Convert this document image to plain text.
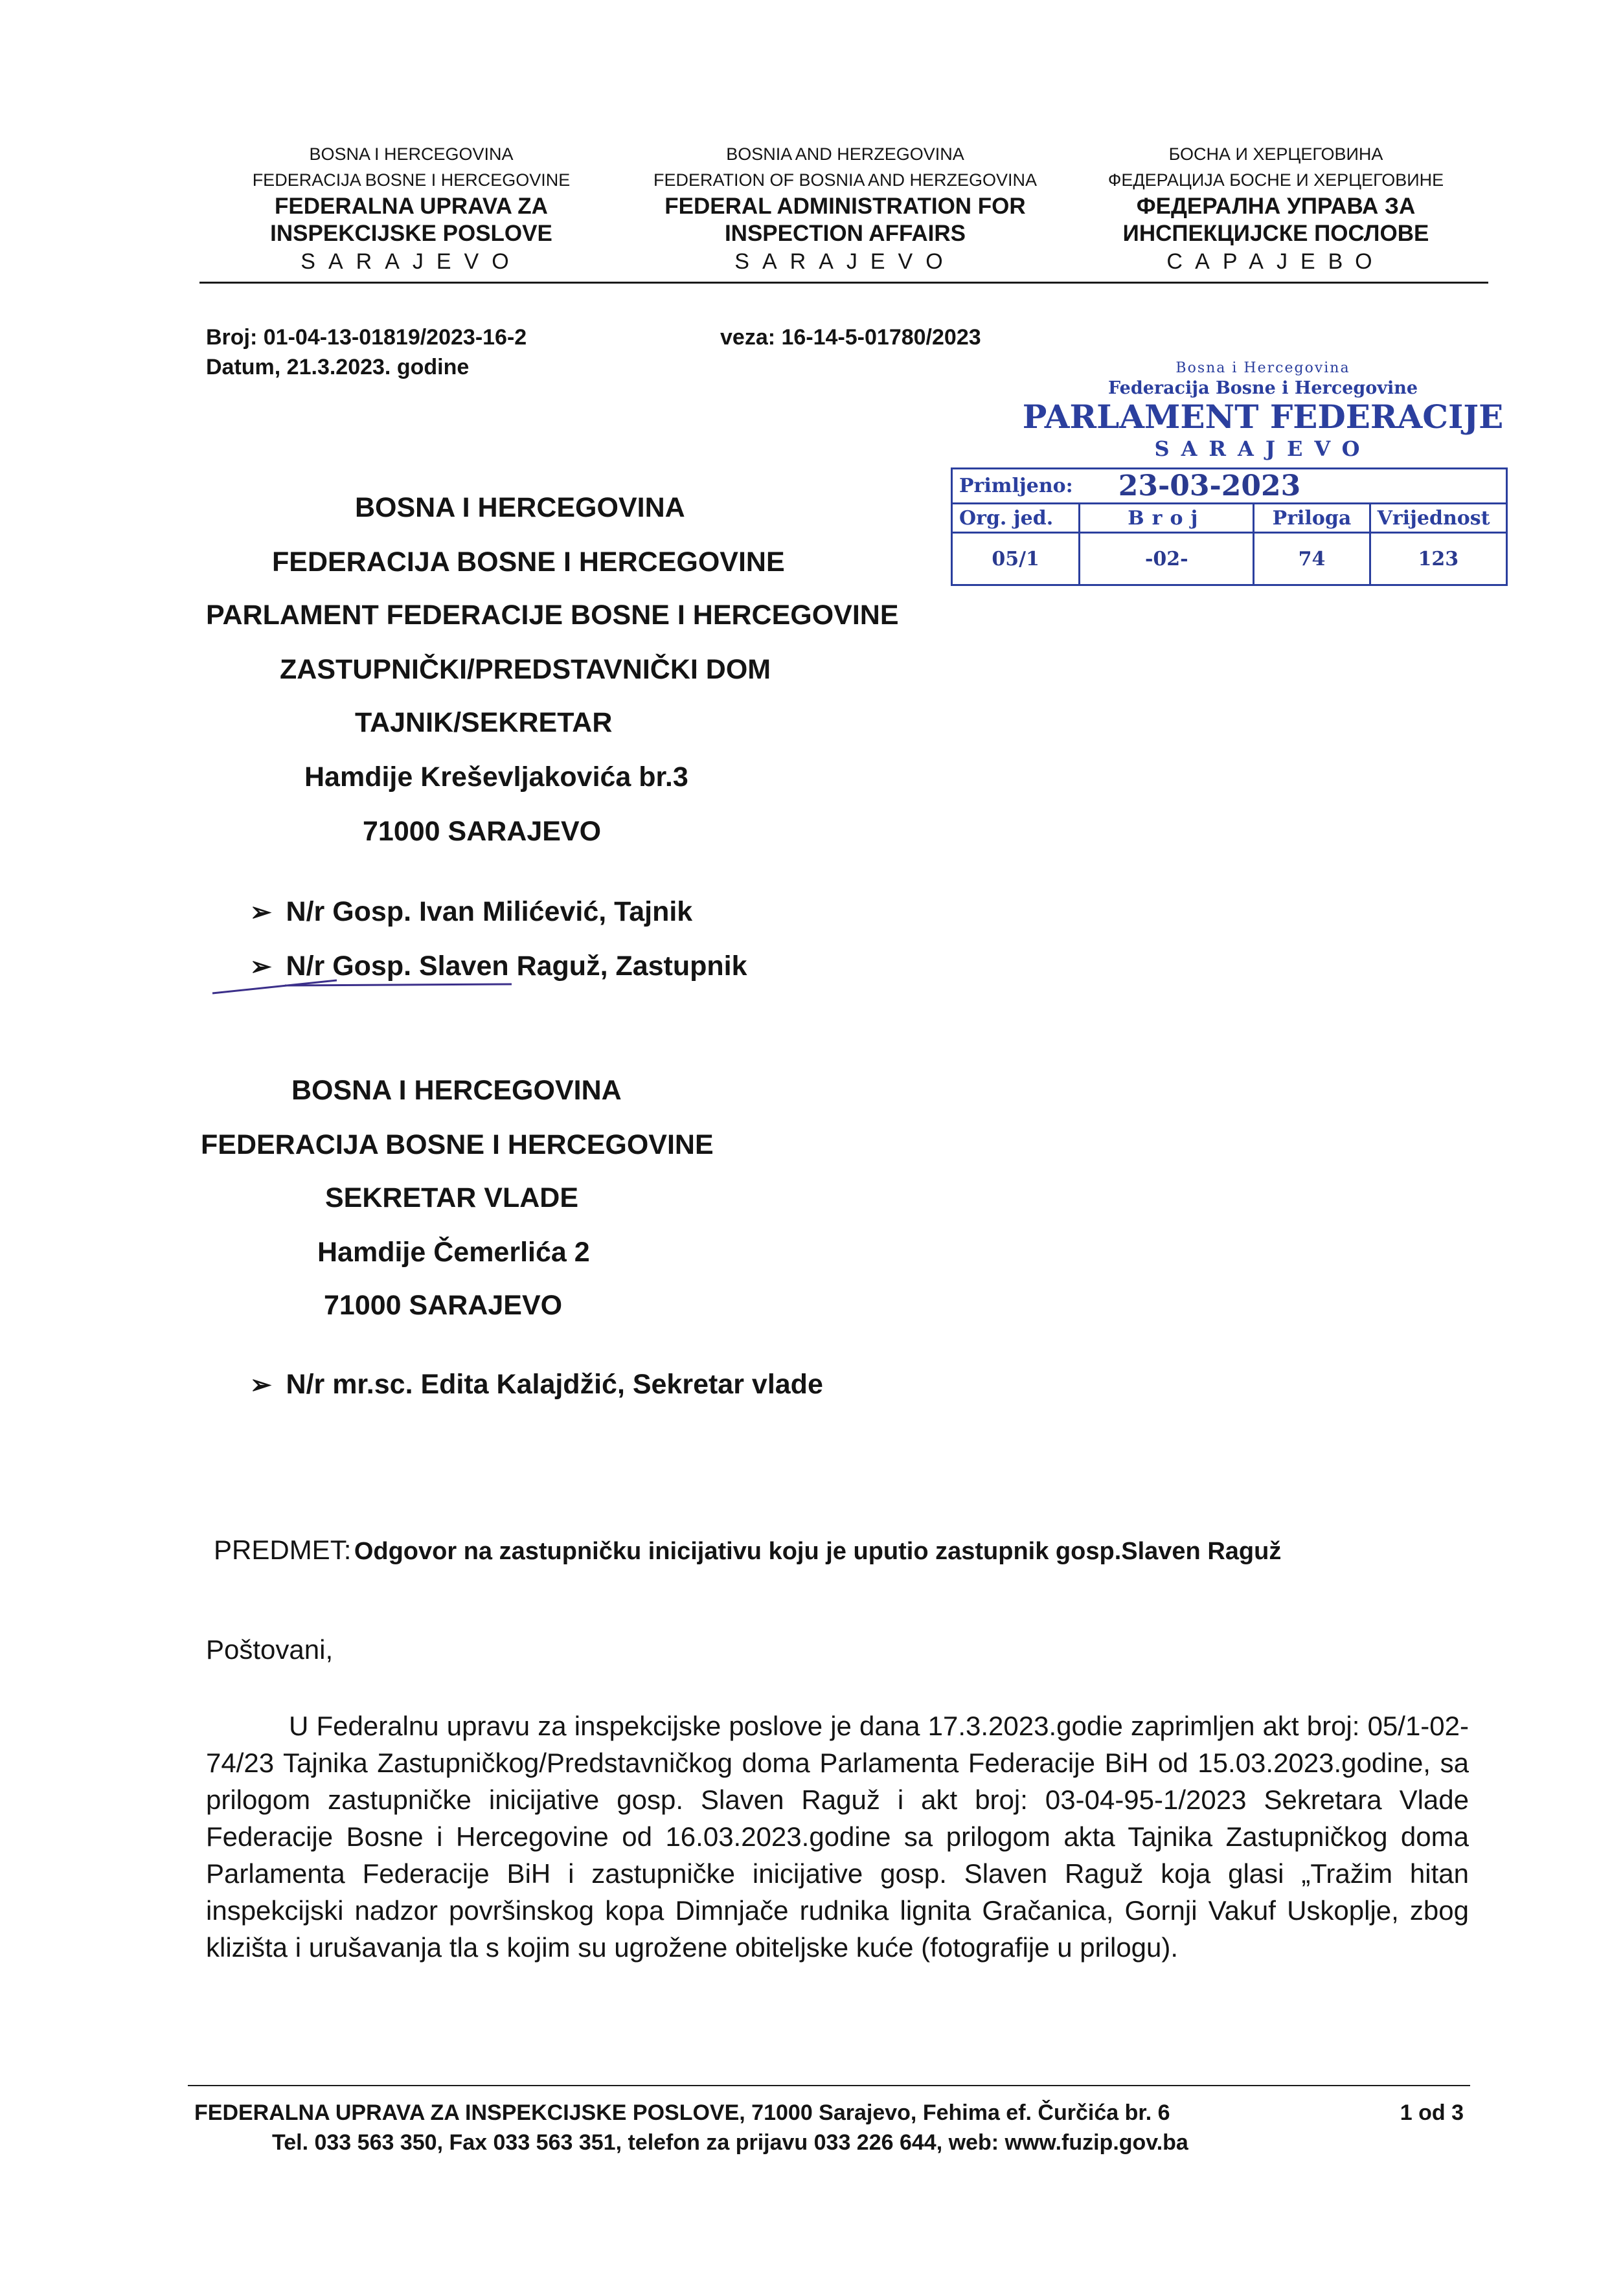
BOSNA I HERCEGOVINA
FEDERACIJA BOSNE I HERCEGOVINE
FEDERALNA UPRAVA ZA
INSPEKCIJSKE POSLOVE
SARAJEVO
BOSNIA AND HERZEGOVINA
FEDERATION OF BOSNIA AND HERZEGOVINA
FEDERAL ADMINISTRATION FOR
INSPECTION AFFAIRS
SARAJEVO
БОСНА И ХЕРЦЕГОВИНА
ФЕДЕРАЦИЈА БОСНЕ И ХЕРЦЕГОВИНЕ
ФЕДЕРАЛНА УПРАВА ЗА
ИНСПЕКЦИЈСКЕ ПОСЛОВЕ
САРАЈЕВО
Broj: 01-04-13-01819/2023-16-2
Datum, 21.3.2023. godine
veza: 16-14-5-01780/2023
Bosna i Hercegovina
Federacija Bosne i Hercegovine
PARLAMENT FEDERACIJE
SARAJEVO
Primljeno:	23-03-2023		
Org. jed.	Broj	Priloga	Vrijednost
05/1	-02-	74	123
BOSNA I HERCEGOVINA
FEDERACIJA BOSNE I HERCEGOVINE
PARLAMENT FEDERACIJE BOSNE I HERCEGOVINE
ZASTUPNIČKI/PREDSTAVNIČKI DOM
TAJNIK/SEKRETAR
Hamdije Kreševljakovića br.3
71000 SARAJEVO
➢ N/r Gosp. Ivan Milićević, Tajnik
➢ N/r Gosp. Slaven Raguž, Zastupnik
BOSNA I HERCEGOVINA
FEDERACIJA BOSNE I HERCEGOVINE
SEKRETAR VLADE
Hamdije Čemerlića 2
71000 SARAJEVO
➢ N/r mr.sc. Edita Kalajdžić, Sekretar vlade
PREDMET: Odgovor na zastupničku inicijativu koju je uputio zastupnik gosp.Slaven Raguž
Poštovani,

U Federalnu upravu za inspekcijske poslove je dana 17.3.2023.godie zaprimljen akt broj: 05/1-02-74/23 Tajnika Zastupničkog/Predstavničkog doma Parlamenta Federacije BiH od 15.03.2023.godine, sa prilogom zastupničke inicijative gosp. Slaven Raguž i akt broj: 03-04-95-1/2023 Sekretara Vlade Federacije Bosne i Hercegovine od 16.03.2023.godine sa prilogom akta Tajnika Zastupničkog doma Parlamenta Federacije BiH i zastupničke inicijative gosp. Slaven Raguž koja glasi „Tražim hitan inspekcijski nadzor površinskog kopa Dimnjače rudnika lignita Gračanica, Gornji Vakuf Uskoplje, zbog klizišta i urušavanja tla s kojim su ugrožene obiteljske kuće (fotografije u prilogu).

FEDERALNA UPRAVA ZA INSPEKCIJSKE POSLOVE, 71000 Sarajevo, Fehima ef. Čurčića br. 6	1 od 3
Tel. 033 563 350, Fax 033 563 351, telefon za prijavu 033 226 644, web: www.fuzip.gov.ba
